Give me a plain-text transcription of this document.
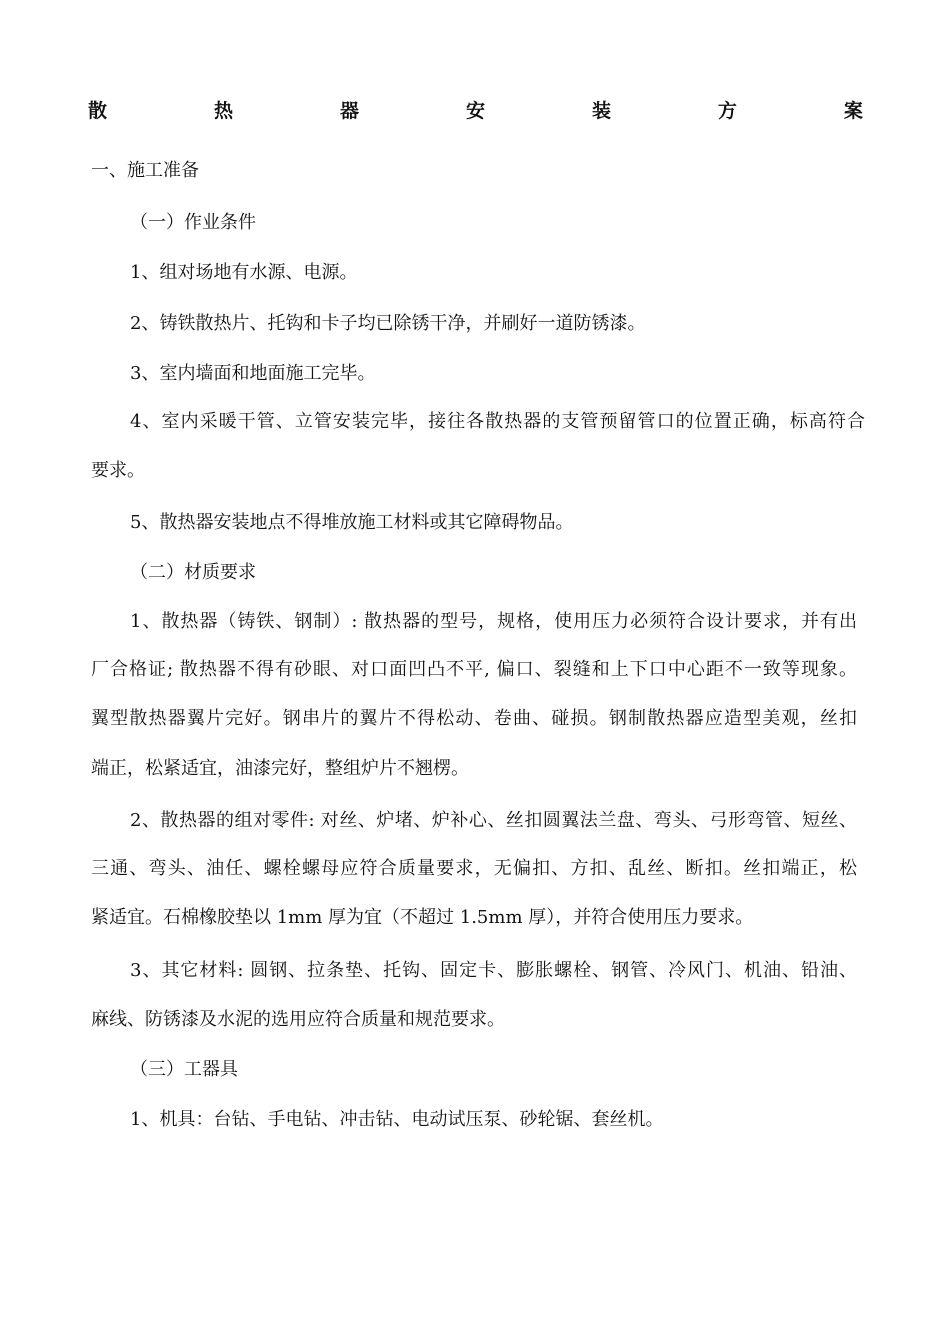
散	热	器	安	装	方	案
一、施工准备
（一）作业条件
1、组对场地有水源、电源。
2、铸铁散热片、托钩和卡子均已除锈干净，并刷好一道防锈漆。
3、室内墙面和地面施工完毕。
4、室内采暖干管、立管安装完毕，接往各散热器的支管预留管口的位置正确，标高符合
要求。
5、散热器安装地点不得堆放施工材料或其它障碍物品。
（二）材质要求
1、散热器（铸铁、钢制）: 散热器的型号，规格，使用压力必须符合设计要求，并有出
厂合格证; 散热器不得有砂眼、对口面凹凸不平, 偏口、裂缝和上下口中心距不一致等现象。
翼型散热器翼片完好。钢串片的翼片不得松动、卷曲、碰损。钢制散热器应造型美观，丝扣
端正，松紧适宜，油漆完好，整组炉片不翘楞。
2、散热器的组对零件: 对丝、炉堵、炉补心、丝扣圆翼法兰盘、弯头、弓形弯管、短丝、
三通、弯头、油任、螺栓螺母应符合质量要求，无偏扣、方扣、乱丝、断扣。丝扣端正，松
紧适宜。石棉橡胶垫以 1mm 厚为宜（不超过 1.5mm 厚），并符合使用压力要求。
3、其它材料: 圆钢、拉条垫、托钩、固定卡、膨胀螺栓、钢管、冷风门、机油、铅油、
麻线、防锈漆及水泥的选用应符合质量和规范要求。
（三）工器具
1、机具：台钻、手电钻、冲击钻、电动试压泵、砂轮锯、套丝机。
